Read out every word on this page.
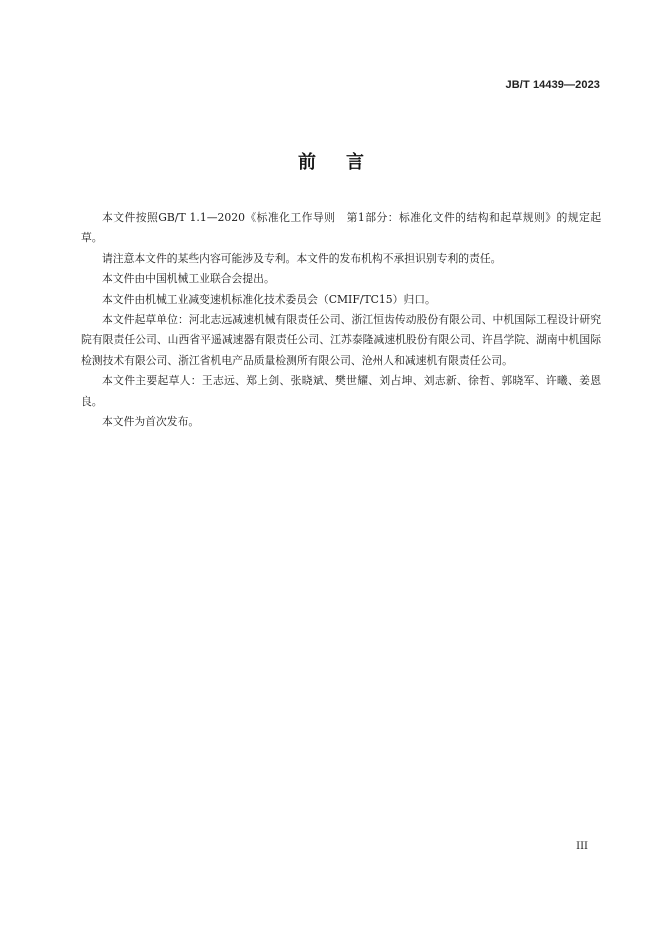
JB/T 14439—2023
前 言

本文件按照GB/T 1.1—2020《标准化工作导则　第1部分：标准化文件的结构和起草规则》的规定起草。

请注意本文件的某些内容可能涉及专利。本文件的发布机构不承担识别专利的责任。

本文件由中国机械工业联合会提出。

本文件由机械工业减变速机标准化技术委员会（CMIF/TC15）归口。

本文件起草单位：河北志远减速机械有限责任公司、浙江恒齿传动股份有限公司、中机国际工程设计研究院有限责任公司、山西省平遥减速器有限责任公司、江苏泰隆减速机股份有限公司、许昌学院、湖南中机国际检测技术有限公司、浙江省机电产品质量检测所有限公司、沧州人和减速机有限责任公司。

本文件主要起草人：王志远、郑上剑、张晓斌、樊世耀、刘占坤、刘志新、徐哲、郭晓军、许曦、姜恩良。

本文件为首次发布。

III
